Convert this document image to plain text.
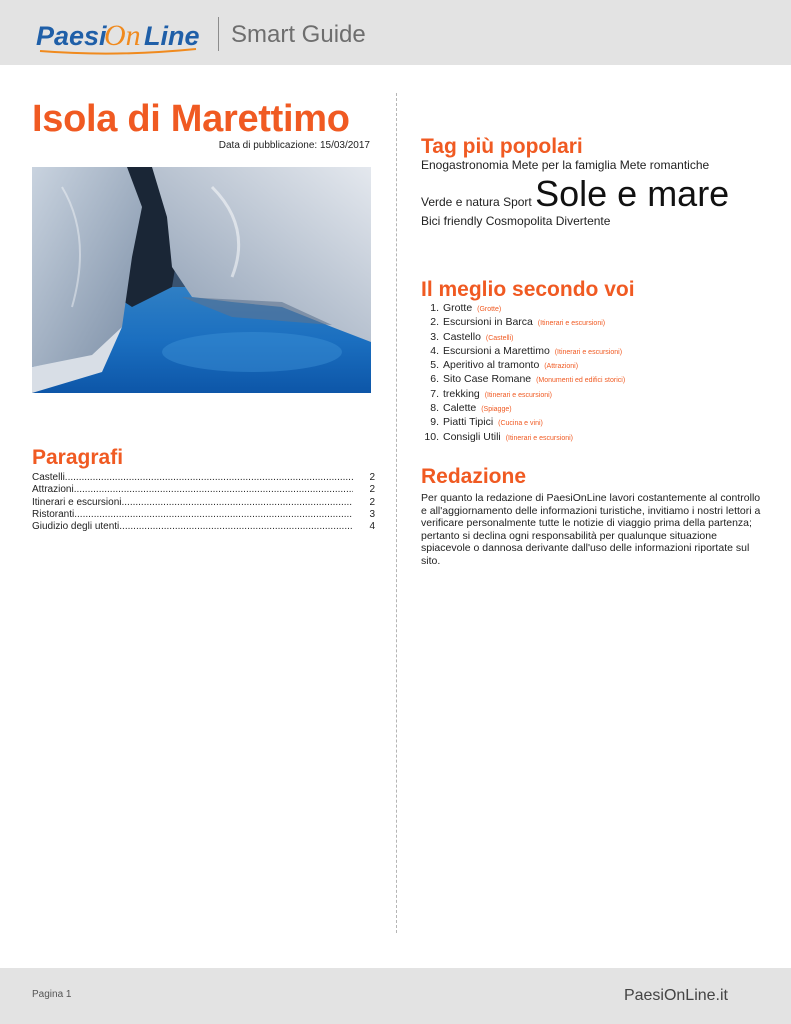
Paesi
On Line Smart Guide
Isola di Marettimo
Data di pubblicazione: 15/03/2017
Paragrafi
Castelli .....	2
Attrazioni .....	2
Itinerari e escursioni .....	2
Ristoranti .....	3
Giudizio degli utenti .....	4
Tag più popolari
Enogastronomia Mete per la famiglia Mete romantiche
Verde e natura Sport Sole e mare
Bici friendly Cosmopolita Divertente
Il meglio secondo voi
1. Grotte (Grotte)
2. Escursioni in Barca (Itinerari e escursioni)
3. Castello (Castelli)
4. Escursioni a Marettimo (Itinerari e escursioni)
5. Aperitivo al tramonto (Attrazioni)
6. Sito Case Romane (Monumenti ed edifici storici)
7. trekking (Itinerari e escursioni)
8. Calette (Spiagge)
9. Piatti Tipici (Cucina e vini)
10. Consigli Utili (Itinerari e escursioni)
Redazione
Per quanto la redazione di PaesiOnLine lavori costantemente al controllo e all'aggiornamento delle informazioni turistiche, invitiamo i nostri lettori a verificare personalmente tutte le notizie di viaggio prima della partenza; pertanto si declina ogni responsabilità per qualunque situazione spiacevole o dannosa derivante dall'uso delle informazioni riportate sul sito.
Pagina 1	PaesiOnLine.it
